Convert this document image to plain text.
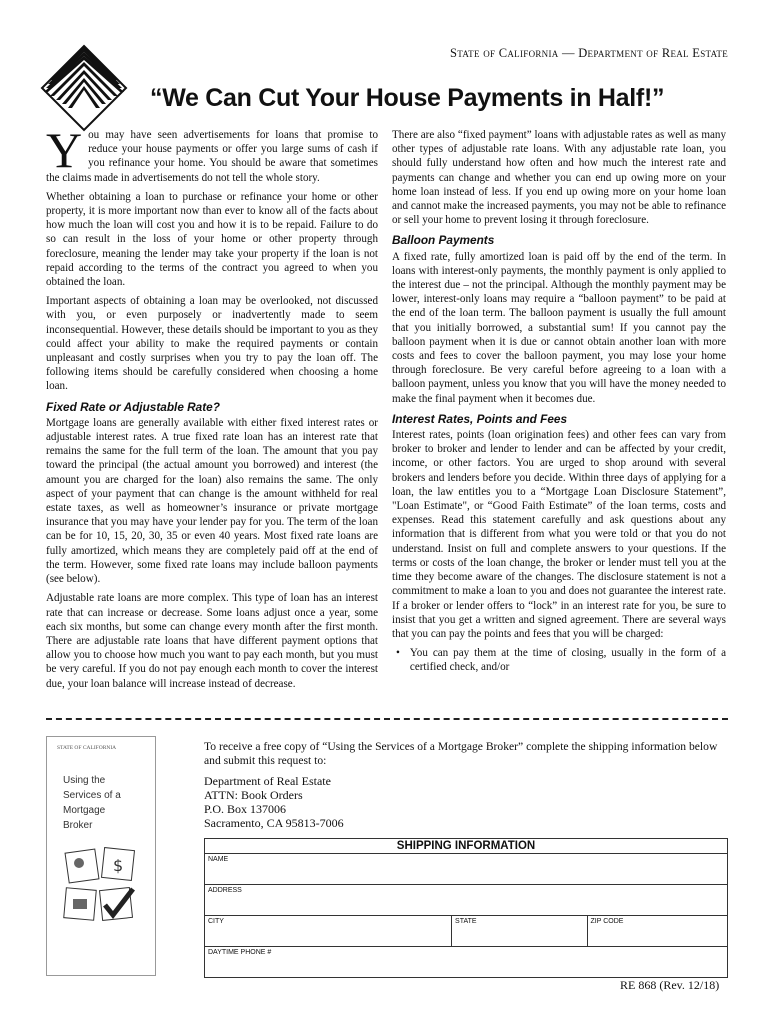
State of California — Department of Real Estate
“We Can Cut Your House Payments in Half!”

You may have seen advertisements for loans that promise to reduce your house payments or offer you large sums of cash if you refinance your home. You should be aware that sometimes the claims made in advertisements do not tell the whole story.

Whether obtaining a loan to purchase or refinance your home or other property, it is more important now than ever to know all of the facts about how much the loan will cost you and how it is to be repaid. Failure to do so can result in the loss of your home or other property through foreclosure, meaning the lender may take your property if the loan is not repaid according to the terms of the contract you agreed to when you obtained the loan.

Important aspects of obtaining a loan may be overlooked, not discussed with you, or even purposely or inadvertently made to seem inconsequential. However, these details should be important to you as they could affect your ability to make the required payments or contain unpleasant and costly surprises when you try to pay the loan off. The following items should be carefully considered when choosing a home loan.

Fixed Rate or Adjustable Rate?

Mortgage loans are generally available with either fixed interest rates or adjustable interest rates. A true fixed rate loan has an interest rate that remains the same for the full term of the loan. The amount that you pay toward the principal (the actual amount you borrowed) and interest (the amount you are charged for the loan) also remains the same. The only aspect of your payment that can change is the amount withheld for real estate taxes, as well as homeowner’s insurance or private mortgage insurance that you may have your lender pay for you. The term of the loan can be for 10, 15, 20, 30, 35 or even 40 years. Most fixed rate loans are fully amortized, which means they are completely paid off at the end of the term. However, some fixed rate loans may include balloon payments (see below).

Adjustable rate loans are more complex. This type of loan has an interest rate that can increase or decrease. Some loans adjust once a year, some each six months, but some can change every month after the first month. There are adjustable rate loans that have different payment options that allow you to choose how much you want to pay each month, but you must be very careful. If you do not pay enough each month to cover the interest due, your loan balance will increase instead of decrease.

There are also “fixed payment” loans with adjustable rates as well as many other types of adjustable rate loans. With any adjustable rate loan, you should fully understand how often and how much the interest rate and payments can change and whether you can end up owing more on your home loan instead of less. If you end up owing more on your home loan and cannot make the increased payments, you may not be able to refinance or sell your home to prevent losing it through foreclosure.

Balloon Payments

A fixed rate, fully amortized loan is paid off by the end of the term. In loans with interest-only payments, the monthly payment is only applied to the interest due – not the principal. Although the monthly payment may be lower, interest-only loans may require a “balloon payment” to be paid at the end of the loan term. The balloon payment is usually the full amount that you initially borrowed, a substantial sum! If you cannot pay the balloon payment when it is due or cannot obtain another loan with more costs and fees to cover the balloon payment, you may lose your home through foreclosure. Be very careful before agreeing to a loan with a balloon payment, unless you know that you will have the money needed to make the final payment when it becomes due.

Interest Rates, Points and Fees

Interest rates, points (loan origination fees) and other fees can vary from broker to broker and lender to lender and can be affected by your credit, income, or other factors. You are urged to shop around with several brokers and lenders before you decide. Within three days of applying for a loan, the law entitles you to a “Mortgage Loan Disclosure Statement”, "Loan Estimate", or “Good Faith Estimate” of the loan terms, costs and expenses. Read this statement carefully and ask questions about any information that is different from what you were told or that you do not understand. Insist on full and complete answers to your questions. If the terms or costs of the loan change, the broker or lender must tell you at the time they become aware of the changes. The disclosure statement is not a commitment to make a loan to you and does not guarantee the interest rate. If a broker or lender offers to “lock” in an interest rate for you, be sure to insist that you get a written and signed agreement. There are several ways that you can pay the points and fees that you will be charged:

• You can pay them at the time of closing, usually in the form of a certified check, and/or
STATE OF CALIFORNIA
Using the
Services of a
Mortgage
Broker
$
To receive a free copy of “Using the Services of a Mortgage Broker” complete the shipping information below and submit this request to:
Department of Real Estate
ATTN: Book Orders
P.O. Box 137006
Sacramento, CA 95813-7006
SHIPPING INFORMATION
NAME
ADDRESS
CITY	STATE	ZIP CODE
DAYTIME PHONE #
RE 868 (Rev. 12/18)
